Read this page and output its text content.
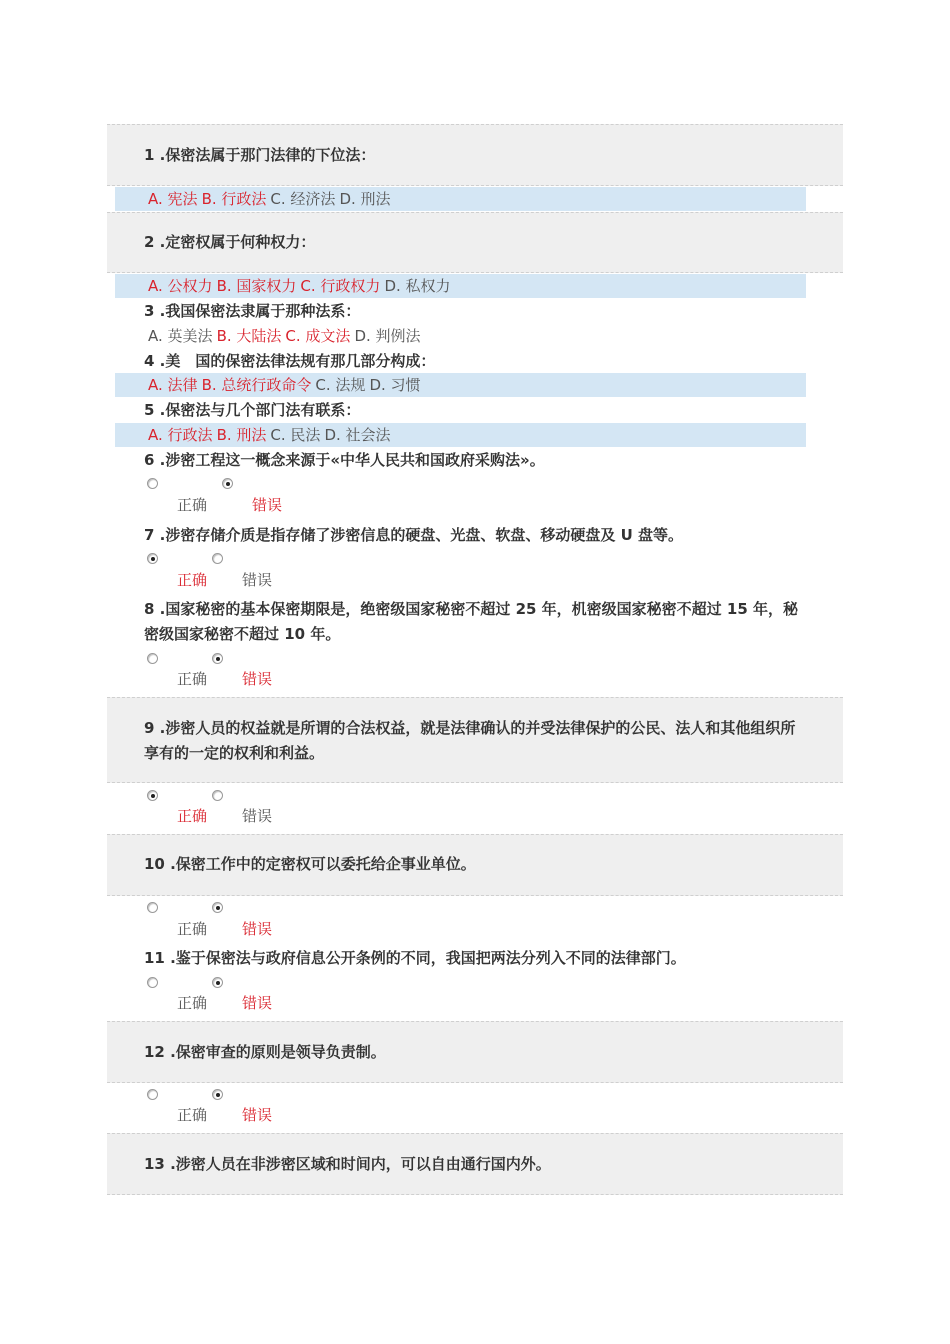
1 .保密法属于那门法律的下位法：
2 .定密权属于何种权力：
3 .我国保密法隶属于那种法系：
4 .美　国的保密法律法规有那几部分构成：
5 .保密法与几个部门法有联系：
6 .涉密工程这一概念来源于«中华人民共和国政府采购法»。
7 .涉密存储介质是指存储了涉密信息的硬盘、光盘、软盘、移动硬盘及 U 盘等。
8 .国家秘密的基本保密期限是，绝密级国家秘密不超过 25 年，机密级国家秘密不超过 15 年，秘密级国家秘密不超过 10 年。
9 .涉密人员的权益就是所谓的合法权益，就是法律确认的并受法律保护的公民、法人和其他组织所享有的一定的权利和利益。
10 .保密工作中的定密权可以委托给企事业单位。
11 .鉴于保密法与政府信息公开条例的不同，我国把两法分列入不同的法律部门。
12 .保密审查的原则是领导负责制。
13 .涉密人员在非涉密区域和时间内，可以自由通行国内外。
A. 宪法 B. 行政法 C. 经济法 D. 刑法
A. 公权力 B. 国家权力 C. 行政权力 D. 私权力
A. 英美法 B. 大陆法 C. 成文法 D. 判例法
A. 法律 B. 总统行政命令 C. 法规 D. 习惯
A. 行政法 B. 刑法 C. 民法 D. 社会法
正确	错误
正确 错误
正确 错误
正确 错误
正确 错误
正确 错误
正确 错误
